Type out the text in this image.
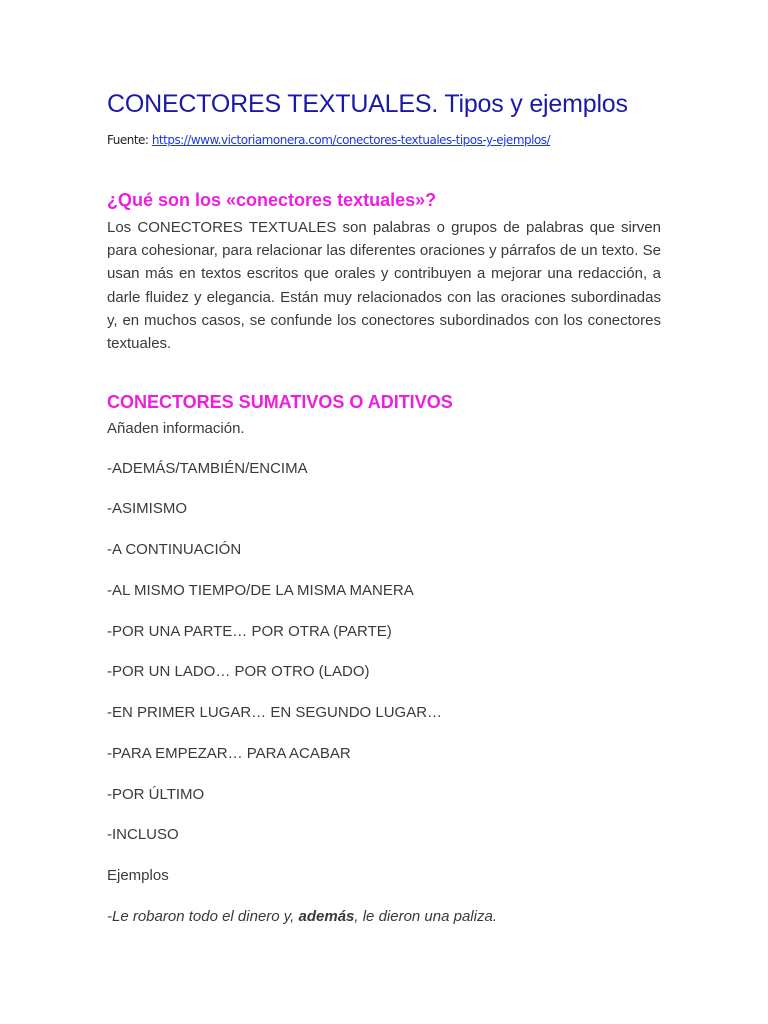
CONECTORES TEXTUALES. Tipos y ejemplos
Fuente: https://www.victoriamonera.com/conectores-textuales-tipos-y-ejemplos/
¿Qué son los «conectores textuales»?

Los CONECTORES TEXTUALES son palabras o grupos de palabras que sirven para cohesionar, para relacionar las diferentes oraciones y párrafos de un texto. Se usan más en textos escritos que orales y contribuyen a mejorar una redacción, a darle fluidez y elegancia. Están muy relacionados con las oraciones subordinadas y, en muchos casos, se confunde los conectores subordinados con los conectores textuales.

CONECTORES SUMATIVOS O ADITIVOS

Añaden información.

-ADEMÁS/TAMBIÉN/ENCIMA

-ASIMISMO

-A CONTINUACIÓN

-AL MISMO TIEMPO/DE LA MISMA MANERA

-POR UNA PARTE… POR OTRA (PARTE)

-POR UN LADO… POR OTRO (LADO)

-EN PRIMER LUGAR… EN SEGUNDO LUGAR…

-PARA EMPEZAR… PARA ACABAR

-POR ÚLTIMO

-INCLUSO

Ejemplos

-Le robaron todo el dinero y, además, le dieron una paliza.
